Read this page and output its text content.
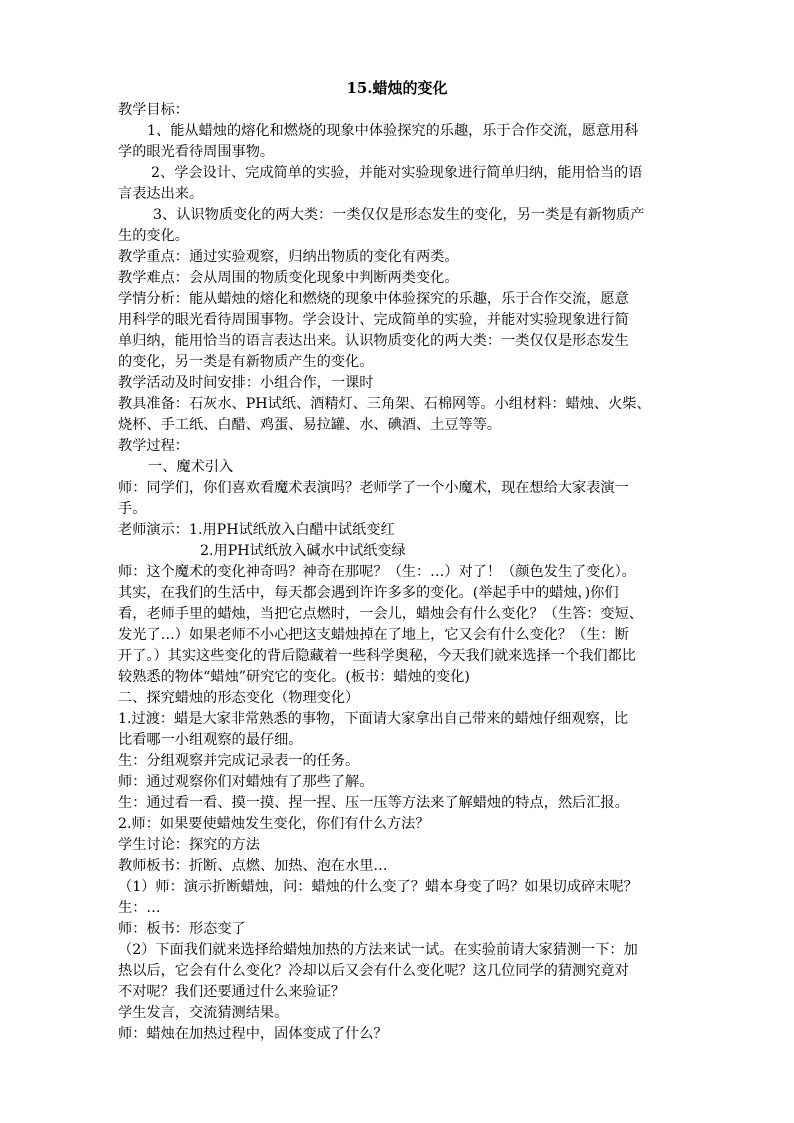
15.蜡烛的变化
教学目标：
1、能从蜡烛的熔化和燃烧的现象中体验探究的乐趣，乐于合作交流，愿意用科
学的眼光看待周围事物。
2、学会设计、完成简单的实验，并能对实验现象进行简单归纳，能用恰当的语
言表达出来。
3、认识物质变化的两大类：一类仅仅是形态发生的变化，另一类是有新物质产
生的变化。
教学重点：通过实验观察，归纳出物质的变化有两类。
教学难点：会从周围的物质变化现象中判断两类变化。
学情分析：能从蜡烛的熔化和燃烧的现象中体验探究的乐趣，乐于合作交流，愿意
用科学的眼光看待周围事物。学会设计、完成简单的实验，并能对实验现象进行简
单归纳，能用恰当的语言表达出来。认识物质变化的两大类：一类仅仅是形态发生
的变化，另一类是有新物质产生的变化。
教学活动及时间安排：小组合作，一课时
教具准备：石灰水、PH试纸、酒精灯、三角架、石棉网等。小组材料：蜡烛、火柴、
烧杯、手工纸、白醋、鸡蛋、易拉罐、水、碘酒、土豆等等。
教学过程：
一、魔术引入
师：同学们，你们喜欢看魔术表演吗？老师学了一个小魔术，现在想给大家表演一
手。
老师演示：1.用PH试纸放入白醋中试纸变红
2.用PH试纸放入碱水中试纸变绿
师：这个魔术的变化神奇吗？神奇在那呢？（生：…）对了！（颜色发生了变化）。
其实，在我们的生活中，每天都会遇到许许多多的变化。(举起手中的蜡烛，)你们
看，老师手里的蜡烛，当把它点燃时，一会儿，蜡烛会有什么变化？（生答：变短、
发光了…）如果老师不小心把这支蜡烛掉在了地上，它又会有什么变化？（生：断
开了。）其实这些变化的背后隐藏着一些科学奥秘，今天我们就来选择一个我们都比
较熟悉的物体“蜡烛”研究它的变化。(板书：蜡烛的变化)
二、探究蜡烛的形态变化（物理变化）
1.过渡：蜡是大家非常熟悉的事物，下面请大家拿出自己带来的蜡烛仔细观察，比
比看哪一小组观察的最仔细。
生：分组观察并完成记录表一的任务。
师：通过观察你们对蜡烛有了那些了解。
生：通过看一看、摸一摸、捏一捏、压一压等方法来了解蜡烛的特点，然后汇报。
2.师：如果要使蜡烛发生变化，你们有什么方法？
学生讨论：探究的方法
教师板书：折断、点燃、加热、泡在水里…
（1）师：演示折断蜡烛，问：蜡烛的什么变了？蜡本身变了吗？如果切成碎末呢？
生：…
师：板书：形态变了
（2）下面我们就来选择给蜡烛加热的方法来试一试。在实验前请大家猜测一下：加
热以后，它会有什么变化？冷却以后又会有什么变化呢？这几位同学的猜测究竟对
不对呢？我们还要通过什么来验证？
学生发言，交流猜测结果。
师：蜡烛在加热过程中，固体变成了什么？
